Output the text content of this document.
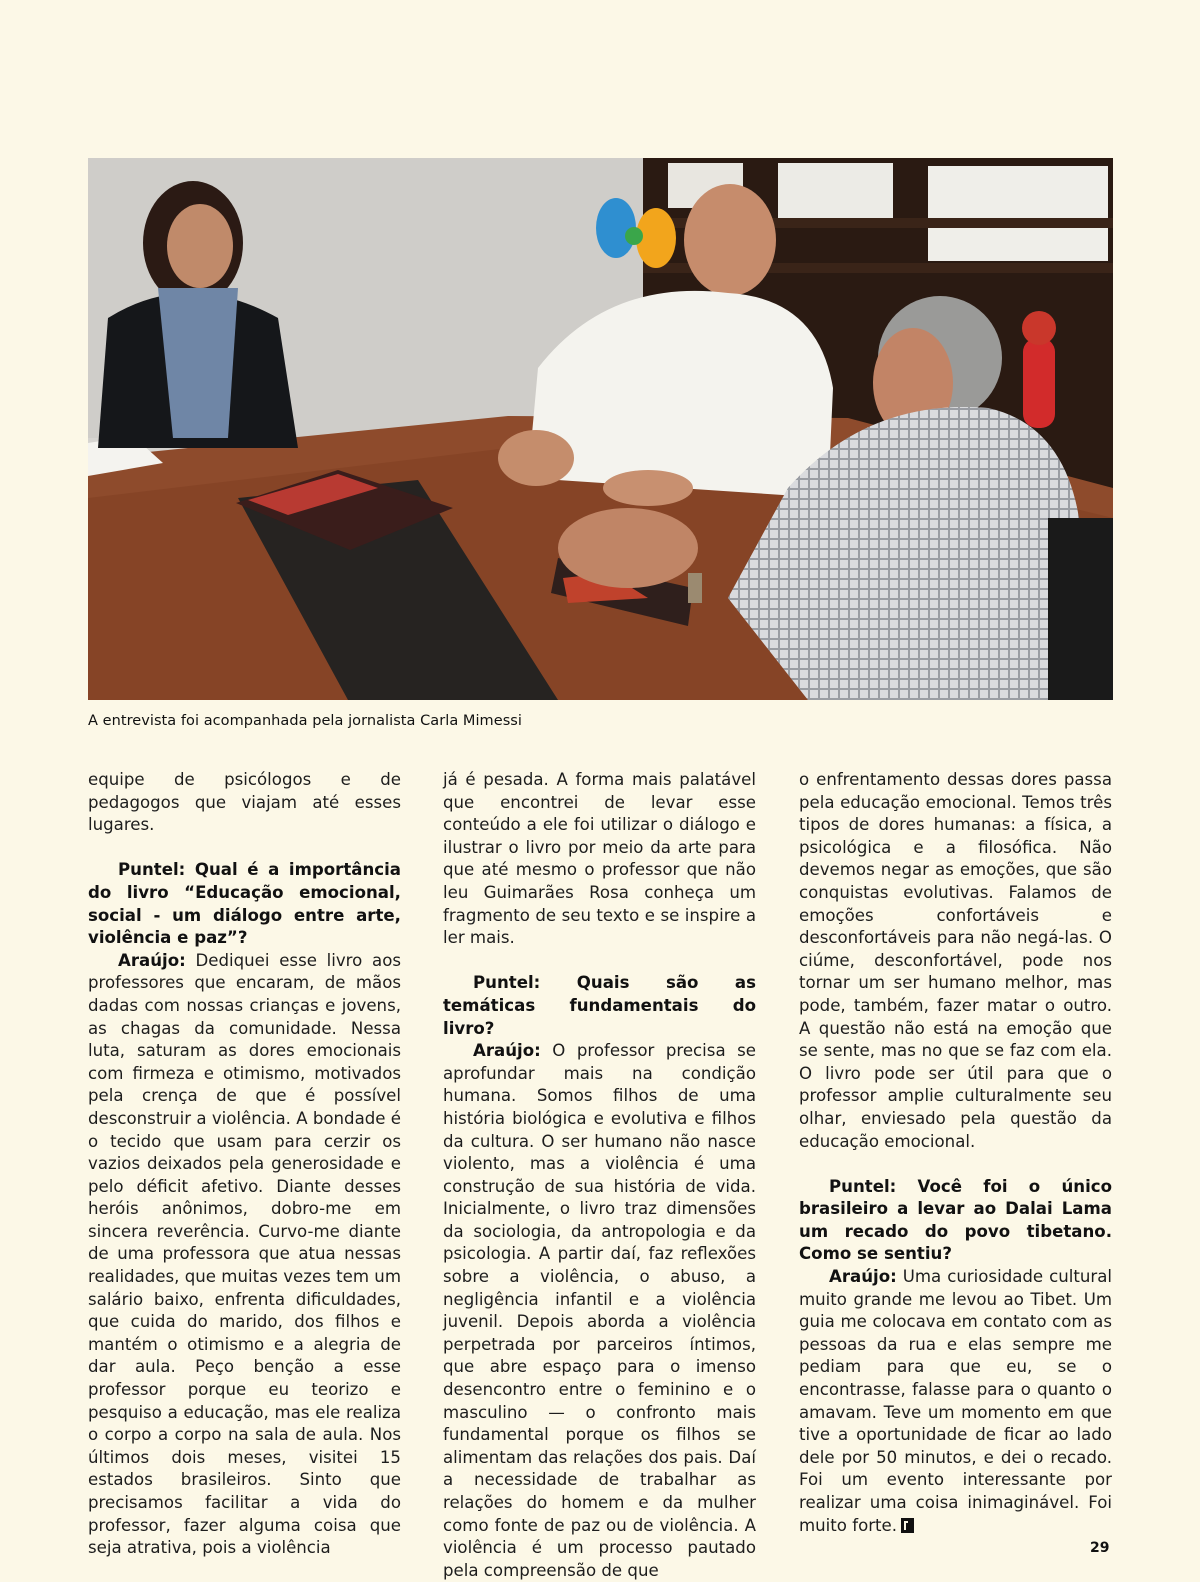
A entrevista foi acompanhada pela jornalista Carla Mimessi

equipe de psicólogos e de pedagogos que viajam até esses lugares.

Puntel: Qual é a importância do livro “Educação emocional, social - um diálogo entre arte, violência e paz”?

Araújo: Dediquei esse livro aos professores que encaram, de mãos dadas com nossas crianças e jovens, as chagas da comunidade. Nessa luta, saturam as dores emocionais com firmeza e otimismo, motivados pela crença de que é possível desconstruir a violência. A bondade é o tecido que usam para cerzir os vazios deixados pela generosidade e pelo déficit afetivo. Diante desses heróis anônimos, dobro-me em sincera reverência. Curvo-me diante de uma professora que atua nessas realidades, que muitas vezes tem um salário baixo, enfrenta dificuldades, que cuida do marido, dos filhos e mantém o otimismo e a alegria de dar aula. Peço benção a esse professor porque eu teorizo e pesquiso a educação, mas ele realiza o corpo a corpo na sala de aula. Nos últimos dois meses, visitei 15 estados brasileiros. Sinto que precisamos facilitar a vida do professor, fazer alguma coisa que seja atrativa, pois a violência

já é pesada. A forma mais palatável que encontrei de levar esse conteúdo a ele foi utilizar o diálogo e ilustrar o livro por meio da arte para que até mesmo o professor que não leu Guimarães Rosa conheça um fragmento de seu texto e se inspire a ler mais.

Puntel: Quais são as temáticas fundamentais do livro?

Araújo: O professor precisa se aprofundar mais na condição humana. Somos filhos de uma história biológica e evolutiva e filhos da cultura. O ser humano não nasce violento, mas a violência é uma construção de sua história de vida. Inicialmente, o livro traz dimensões da sociologia, da antropologia e da psicologia. A partir daí, faz reflexões sobre a violência, o abuso, a negligência infantil e a violência juvenil. Depois aborda a violência perpetrada por parceiros íntimos, que abre espaço para o imenso desencontro entre o feminino e o masculino — o confronto mais fundamental porque os filhos se alimentam das relações dos pais. Daí a necessidade de trabalhar as relações do homem e da mulher como fonte de paz ou de violência. A violência é um processo pautado pela compreensão de que

o enfrentamento dessas dores passa pela educação emocional. Temos três tipos de dores humanas: a física, a psicológica e a filosófica. Não devemos negar as emoções, que são conquistas evolutivas. Falamos de emoções confortáveis e desconfortáveis para não negá-las. O ciúme, desconfortável, pode nos tornar um ser humano melhor, mas pode, também, fazer matar o outro. A questão não está na emoção que se sente, mas no que se faz com ela. O livro pode ser útil para que o professor amplie culturalmente seu olhar, enviesado pela questão da educação emocional.

Puntel: Você foi o único brasileiro a levar ao Dalai Lama um recado do povo tibetano. Como se sentiu?

Araújo: Uma curiosidade cultural muito grande me levou ao Tibet. Um guia me colocava em contato com as pessoas da rua e elas sempre me pediam para que eu, se o encontrasse, falasse para o quanto o amavam. Teve um momento em que tive a oportunidade de ficar ao lado dele por 50 minutos, e dei o recado. Foi um evento interessante por realizar uma coisa inimaginável. Foi muito forte.

29
